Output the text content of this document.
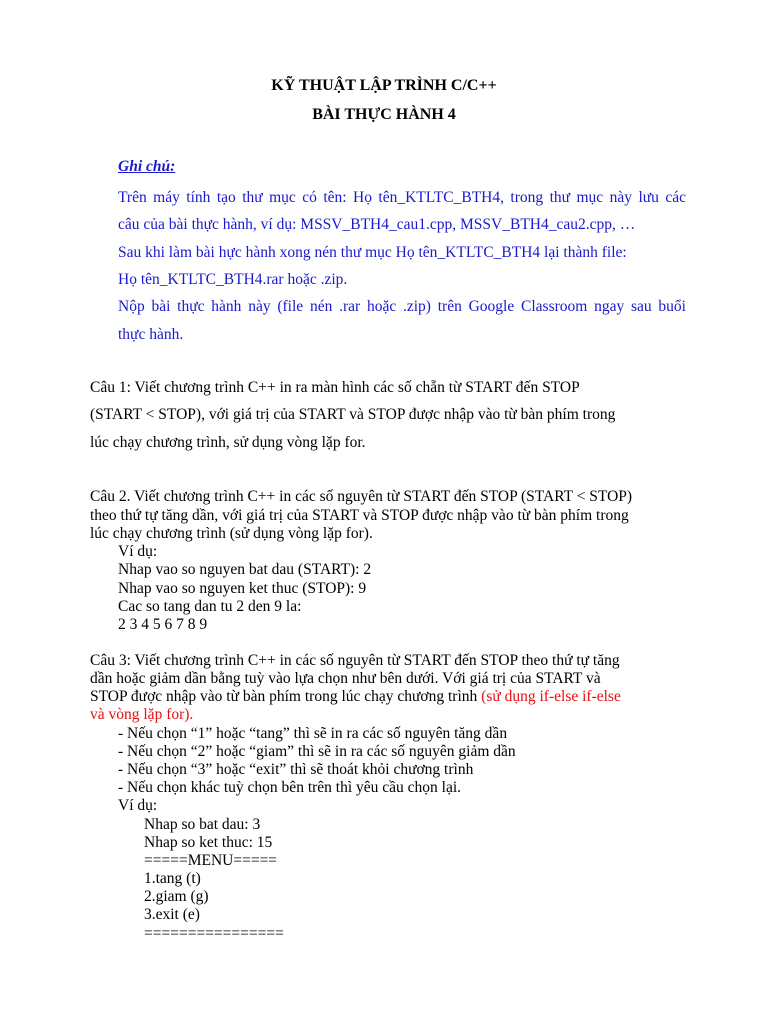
KỸ THUẬT LẬP TRÌNH C/C++
BÀI THỰC HÀNH 4
Ghi chú:
Trên máy tính tạo thư mục có tên: Họ tên_KTLTC_BTH4, trong thư mục này lưu các
câu của bài thực hành, ví dụ: MSSV_BTH4_cau1.cpp, MSSV_BTH4_cau2.cpp, …
Sau khi làm bài hực hành xong nén thư mục Họ tên_KTLTC_BTH4 lại thành file:
Họ tên_KTLTC_BTH4.rar hoặc .zip.
Nộp bài thực hành này (file nén .rar hoặc .zip) trên Google Classroom ngay sau buổi
thực hành.
Câu 1: Viết chương trình C++ in ra màn hình các số chẵn từ START đến STOP
(START < STOP), với giá trị của START và STOP được nhập vào từ bàn phím trong
lúc chạy chương trình, sử dụng vòng lặp for.
Câu 2. Viết chương trình C++ in các số nguyên từ START đến STOP (START < STOP)
theo thứ tự tăng dần, với giá trị của START và STOP được nhập vào từ bàn phím trong
lúc chạy chương trình (sử dụng vòng lặp for).
Ví dụ:
Nhap vao so nguyen bat dau (START): 2
Nhap vao so nguyen ket thuc (STOP): 9
Cac so tang dan tu 2 den 9 la:
2 3 4 5 6 7 8 9
Câu 3: Viết chương trình C++ in các số nguyên từ START đến STOP theo thứ tự tăng
dần hoặc giảm dần bằng tuỳ vào lựa chọn như bên dưới. Với giá trị của START và
STOP được nhập vào từ bàn phím trong lúc chạy chương trình (sử dụng if-else if-else
và vòng lặp for).
- Nếu chọn “1” hoặc “tang” thì sẽ in ra các số nguyên tăng dần
- Nếu chọn “2” hoặc “giam” thì sẽ in ra các số nguyên giảm dần
- Nếu chọn “3” hoặc “exit” thì sẽ thoát khỏi chương trình
- Nếu chọn khác tuỳ chọn bên trên thì yêu cầu chọn lại.
Ví dụ:
Nhap so bat dau: 3
Nhap so ket thuc: 15
=====MENU=====
1.tang (t)
2.giam (g)
3.exit (e)
================
